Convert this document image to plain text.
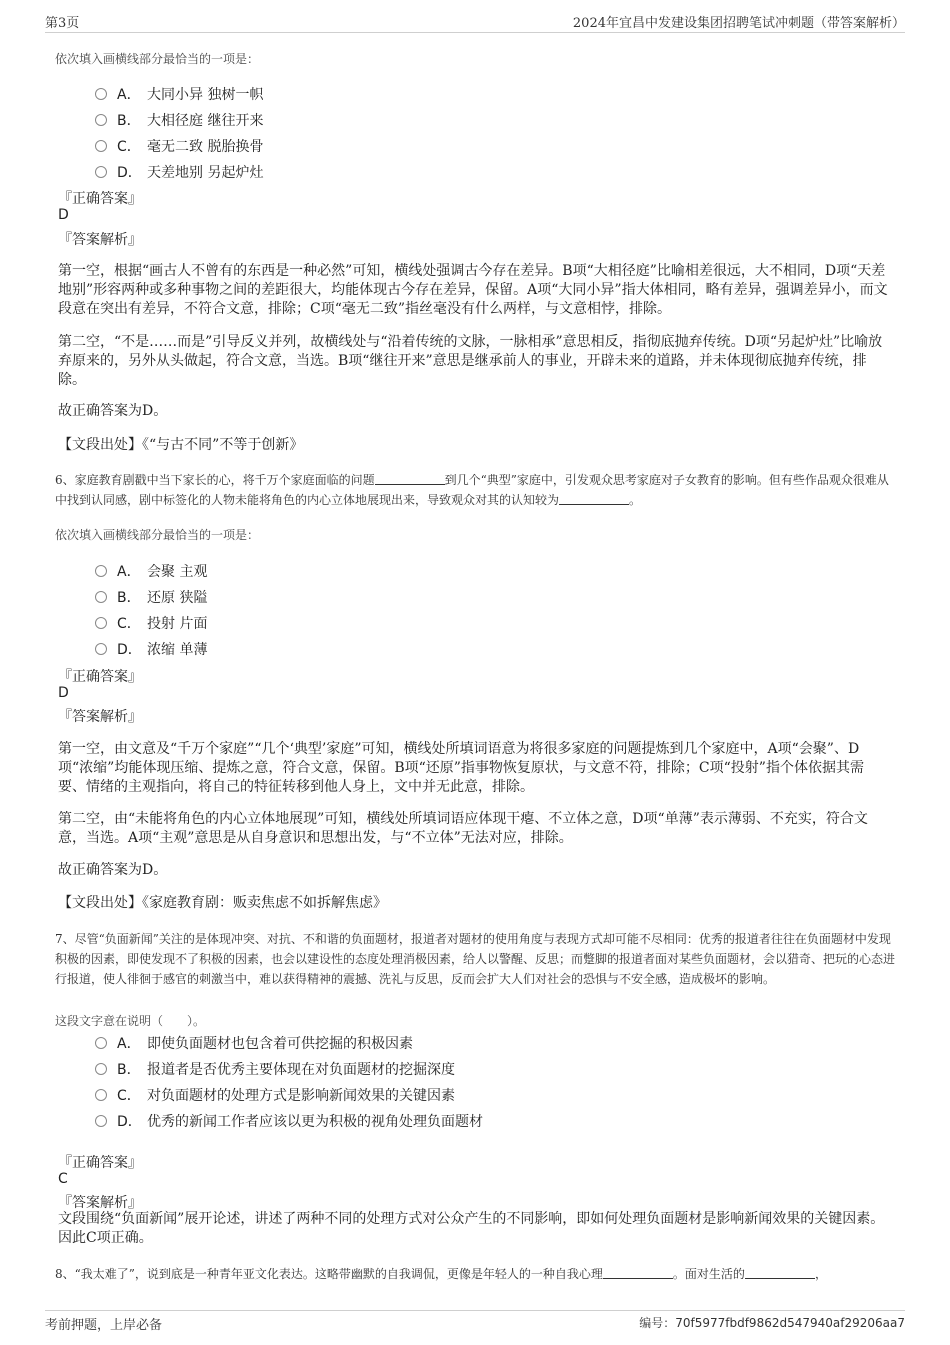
第3页	2024年宜昌中发建设集团招聘笔试冲刺题（带答案解析）
依次填入画横线部分最恰当的一项是：
A． 大同小异 独树一帜
B． 大相径庭 继往开来
C． 毫无二致 脱胎换骨
D． 天差地别 另起炉灶
『正确答案』
D
『答案解析』
第一空，根据“画古人不曾有的东西是一种必然”可知，横线处强调古今存在差异。B项“大相径庭”比喻相差很远，大不相同，D项“天差地别”形容两种或多种事物之间的差距很大，均能体现古今存在差异，保留。A项“大同小异”指大体相同，略有差异，强调差异小，而文段意在突出有差异，不符合文意，排除；C项“毫无二致”指丝毫没有什么两样，与文意相悖，排除。
第二空，“不是……而是”引导反义并列，故横线处与“沿着传统的文脉，一脉相承”意思相反，指彻底抛弃传统。D项“另起炉灶”比喻放弃原来的，另外从头做起，符合文意，当选。B项“继往开来”意思是继承前人的事业，开辟未来的道路，并未体现彻底抛弃传统，排除。
故正确答案为D。
【文段出处】《“与古不同”不等于创新》
6、家庭教育剧戳中当下家长的心，将千万个家庭面临的问题	到几个“典型”家庭中，引发观众思考家庭对子女教育的影响。但有些作品观众很难从中找到认同感，剧中标签化的人物未能将角色的内心立体地展现出来，导致观众对其的认知较为	。
依次填入画横线部分最恰当的一项是：
A． 会聚 主观
B． 还原 狭隘
C． 投射 片面
D． 浓缩 单薄
『正确答案』
D
『答案解析』
第一空，由文意及“千万个家庭”“几个‘典型’家庭”可知，横线处所填词语意为将很多家庭的问题提炼到几个家庭中，A项“会聚”、D项“浓缩”均能体现压缩、提炼之意，符合文意，保留。B项“还原”指事物恢复原状，与文意不符，排除；C项“投射”指个体依据其需要、情绪的主观指向，将自己的特征转移到他人身上，文中并无此意，排除。
第二空，由“未能将角色的内心立体地展现”可知，横线处所填词语应体现干瘪、不立体之意，D项“单薄”表示薄弱、不充实，符合文意，当选。A项“主观”意思是从自身意识和思想出发，与“不立体”无法对应，排除。
故正确答案为D。
【文段出处】《家庭教育剧：贩卖焦虑不如拆解焦虑》
7、尽管“负面新闻”关注的是体现冲突、对抗、不和谐的负面题材，报道者对题材的使用角度与表现方式却可能不尽相同：优秀的报道者往往在负面题材中发现积极的因素，即使发现不了积极的因素，也会以建设性的态度处理消极因素，给人以警醒、反思；而蹩脚的报道者面对某些负面题材，会以猎奇、把玩的心态进行报道，使人徘徊于感官的刺激当中，难以获得精神的震撼、洗礼与反思，反而会扩大人们对社会的恐惧与不安全感，造成极坏的影响。
这段文字意在说明（　　）。
A． 即使负面题材也包含着可供挖掘的积极因素
B． 报道者是否优秀主要体现在对负面题材的挖掘深度
C． 对负面题材的处理方式是影响新闻效果的关键因素
D． 优秀的新闻工作者应该以更为积极的视角处理负面题材
『正确答案』
C
『答案解析』
文段围绕“负面新闻”展开论述，讲述了两种不同的处理方式对公众产生的不同影响，即如何处理负面题材是影响新闻效果的关键因素。因此C项正确。
8、“我太难了”，说到底是一种青年亚文化表达。这略带幽默的自我调侃，更像是年轻人的一种自我心理	。面对生活的	，
考前押题，上岸必备	编号：70f5977fbdf9862d547940af29206aa7
